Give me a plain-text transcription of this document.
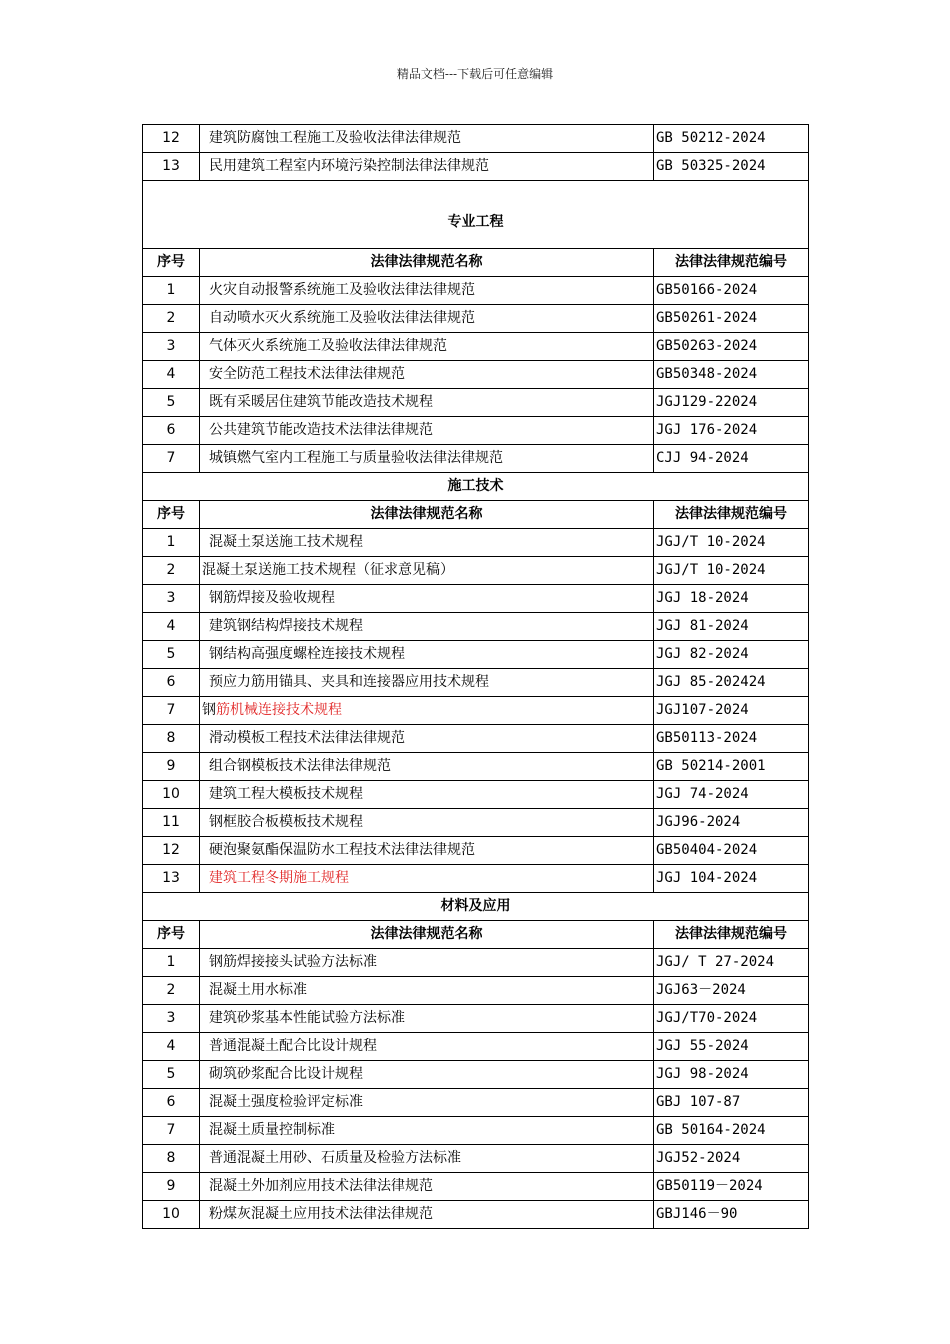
精品文档---下载后可任意编辑
12	建筑防腐蚀工程施工及验收法律法律规范	GB 50212-2024
13	民用建筑工程室内环境污染控制法律法律规范	GB 50325-2024
专业工程		
序号	法律法律规范名称	法律法律规范编号
1	火灾自动报警系统施工及验收法律法律规范	GB50166-2024
2	自动喷水灭火系统施工及验收法律法律规范	GB50261-2024
3	气体灭火系统施工及验收法律法律规范	GB50263-2024
4	安全防范工程技术法律法律规范	GB50348-2024
5	既有采暖居住建筑节能改造技术规程	JGJ129-22024
6	公共建筑节能改造技术法律法律规范	JGJ 176-2024
7	城镇燃气室内工程施工与质量验收法律法律规范	CJJ 94-2024
施工技术		
序号	法律法律规范名称	法律法律规范编号
1	混凝土泵送施工技术规程	JGJ/T 10-2024
2	混凝土泵送施工技术规程（征求意见稿）	JGJ/T 10-2024
3	钢筋焊接及验收规程	JGJ 18-2024
4	建筑钢结构焊接技术规程	JGJ 81-2024
5	钢结构高强度螺栓连接技术规程	JGJ 82-2024
6	预应力筋用锚具、夹具和连接器应用技术规程	JGJ 85-202424
7	钢筋机械连接技术规程	JGJ107-2024
8	滑动模板工程技术法律法律规范	GB50113-2024
9	组合钢模板技术法律法律规范	GB 50214-2001
10	建筑工程大模板技术规程	JGJ 74-2024
11	钢框胶合板模板技术规程	JGJ96-2024
12	硬泡聚氨酯保温防水工程技术法律法律规范	GB50404-2024
13	建筑工程冬期施工规程	JGJ 104-2024
材料及应用		
序号	法律法律规范名称	法律法律规范编号
1	钢筋焊接接头试验方法标准	JGJ/ T 27-2024
2	混凝土用水标准	JGJ63－2024
3	建筑砂浆基本性能试验方法标准	JGJ/T70-2024
4	普通混凝土配合比设计规程	JGJ 55-2024
5	砌筑砂浆配合比设计规程	JGJ 98-2024
6	混凝土强度检验评定标准	GBJ 107-87
7	混凝土质量控制标准	GB 50164-2024
8	普通混凝土用砂、石质量及检验方法标准	JGJ52-2024
9	混凝土外加剂应用技术法律法律规范	GB50119－2024
10	粉煤灰混凝土应用技术法律法律规范	GBJ146－90
